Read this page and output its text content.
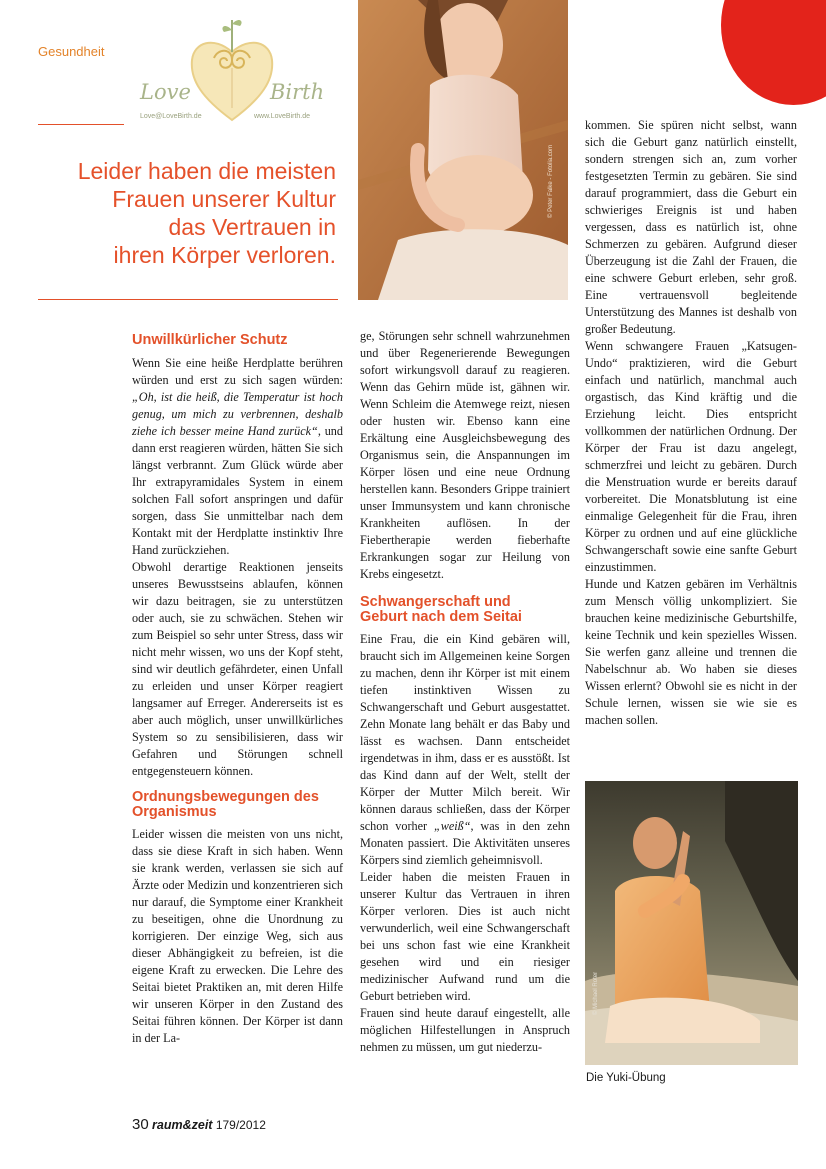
Gesundheit
Love	Birth
Love@LoveBirth.de	www.LoveBirth.de
Leider haben die meisten
Frauen unserer Kultur
das Vertrauen in
ihren Körper verloren.
© Peter Falke - Fotolia.com
Unwillkürlicher Schutz

Wenn Sie eine heiße Herdplatte berühren würden und erst zu sich sagen würden: „Oh, ist die heiß, die Temperatur ist hoch genug, um mich zu verbrennen, deshalb ziehe ich besser meine Hand zurück“, und dann erst reagieren würden, hätten Sie sich längst verbrannt. Zum Glück würde aber Ihr extrapyramidales System in einem solchen Fall sofort anspringen und dafür sorgen, dass Sie unmittelbar nach dem Kontakt mit der Herdplatte instinktiv Ihre Hand zurückziehen.

Obwohl derartige Reaktionen jenseits unseres Bewusstseins ablaufen, können wir dazu beitragen, sie zu unterstützen oder auch, sie zu schwächen. Stehen wir zum Beispiel so sehr unter Stress, dass wir nicht mehr wissen, wo uns der Kopf steht, sind wir deutlich gefährdeter, einen Unfall zu erleiden und unser Körper reagiert langsamer auf Erreger. Andererseits ist es aber auch möglich, unser unwillkürliches System so zu sensibilisieren, dass wir Gefahren und Störungen schnell entgegensteuern können.

Ordnungsbewegungen des
Organismus

Leider wissen die meisten von uns nicht, dass sie diese Kraft in sich haben. Wenn sie krank werden, verlassen sie sich auf Ärzte oder Medizin und konzentrieren sich nur darauf, die Symptome einer Krankheit zu beseitigen, ohne die Unordnung zu korrigieren. Der einzige Weg, sich aus dieser Abhängigkeit zu befreien, ist die eigene Kraft zu erwecken. Die Lehre des Seitai bietet Praktiken an, mit deren Hilfe wir unseren Körper in den Zustand des Seitai führen können. Der Körper ist dann in der La-

ge, Störungen sehr schnell wahrzunehmen und über Regenerierende Bewegungen sofort wirkungsvoll darauf zu reagieren. Wenn das Gehirn müde ist, gähnen wir. Wenn Schleim die Atemwege reizt, niesen oder husten wir. Ebenso kann eine Erkältung eine Ausgleichsbewegung des Organismus sein, die Anspannungen im Körper lösen und eine neue Ordnung herstellen kann. Besonders Grippe trainiert unser Immunsystem und kann chronische Krankheiten auflösen. In der Fiebertherapie werden fieberhafte Erkrankungen sogar zur Heilung von Krebs eingesetzt.

Schwangerschaft und
Geburt nach dem Seitai

Eine Frau, die ein Kind gebären will, braucht sich im Allgemeinen keine Sorgen zu machen, denn ihr Körper ist mit einem tiefen instinktiven Wissen zu Schwangerschaft und Geburt ausgestattet. Zehn Monate lang behält er das Baby und lässt es wachsen. Dann entscheidet irgendetwas in ihm, dass er es ausstößt. Ist das Kind dann auf der Welt, stellt der Körper der Mutter Milch bereit. Wir können daraus schließen, dass der Körper schon vorher „weiß“, was in den zehn Monaten passiert. Die Aktivitäten unseres Körpers sind ziemlich geheimnisvoll.

Leider haben die meisten Frauen in unserer Kultur das Vertrauen in ihren Körper verloren. Dies ist auch nicht verwunderlich, weil eine Schwangerschaft bei uns schon fast wie eine Krankheit gesehen wird und ein riesiger medizinischer Aufwand rund um die Geburt betrieben wird.

Frauen sind heute darauf eingestellt, alle möglichen Hilfestellungen in Anspruch nehmen zu müssen, um gut niederzu-

kommen. Sie spüren nicht selbst, wann sich die Geburt ganz natürlich einstellt, sondern strengen sich an, zum vorher festgesetzten Termin zu gebären. Sie sind darauf programmiert, dass die Geburt ein schwieriges Ereignis ist und haben vergessen, dass es natürlich ist, ohne Schmerzen zu gebären. Aufgrund dieser Überzeugung ist die Zahl der Frauen, die eine schwere Geburt erleben, sehr groß. Eine vertrauensvoll begleitende Unterstützung des Mannes ist deshalb von großer Bedeutung.

Wenn schwangere Frauen „Katsugen-Undo“ praktizieren, wird die Geburt einfach und natürlich, manchmal auch orgastisch, das Kind kräftig und die Erziehung leicht. Dies entspricht vollkommen der natürlichen Ordnung. Der Körper der Frau ist dazu angelegt, schmerzfrei und leicht zu gebären. Durch die Menstruation wurde er bereits darauf vorbereitet. Die Monatsblutung ist eine einmalige Gelegenheit für die Frau, ihren Körper zu ordnen und auf eine glückliche Schwangerschaft sowie eine sanfte Geburt einzustimmen.

Hunde und Katzen gebären im Verhältnis zum Mensch völlig unkompliziert. Sie brauchen keine medizinische Geburtshilfe, keine Technik und kein spezielles Wissen. Sie werfen ganz alleine und trennen die Nabelschnur ab. Wo haben sie dieses Wissen erlernt? Obwohl sie es nicht in der Schule lernen, wissen sie wie sie es machen sollen.

© Michael Roter
Die Yuki-Übung
30 raum&zeit 179/2012
